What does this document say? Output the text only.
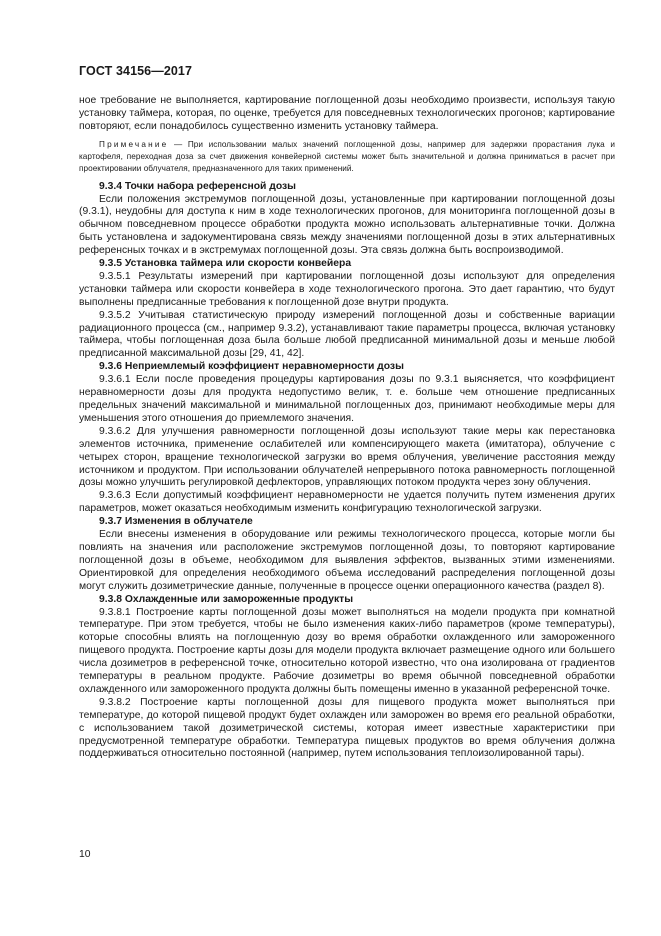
ГОСТ 34156—2017

ное требование не выполняется, картирование поглощенной дозы необходимо произвести, используя такую установку таймера, которая, по оценке, требуется для повседневных технологических прогонов; картирование повторяют, если понадобилось существенно изменить установку таймера.

Примечание — При использовании малых значений поглощенной дозы, например для задержки прорастания лука и картофеля, переходная доза за счет движения конвейерной системы может быть значительной и должна приниматься в расчет при проектировании облучателя, предназначенного для таких применений.

9.3.4 Точки набора референсной дозы

Если положения экстремумов поглощенной дозы, установленные при картировании поглощенной дозы (9.3.1), неудобны для доступа к ним в ходе технологических прогонов, для мониторинга поглощенной дозы в обычном повседневном процессе обработки продукта можно использовать альтернативные точки. Должна быть установлена и задокументирована связь между значениями поглощенной дозы в этих альтернативных референсных точках и в экстремумах поглощенной дозы. Эта связь должна быть воспроизводимой.

9.3.5 Установка таймера или скорости конвейера

9.3.5.1 Результаты измерений при картировании поглощенной дозы используют для определения установки таймера или скорости конвейера в ходе технологического прогона. Это дает гарантию, что будут выполнены предписанные требования к поглощенной дозе внутри продукта.

9.3.5.2 Учитывая статистическую природу измерений поглощенной дозы и собственные вариации радиационного процесса (см., например 9.3.2), устанавливают такие параметры процесса, включая установку таймера, чтобы поглощенная доза была больше любой предписанной минимальной дозы и меньше любой предписанной максимальной дозы [29, 41, 42].

9.3.6 Неприемлемый коэффициент неравномерности дозы

9.3.6.1 Если после проведения процедуры картирования дозы по 9.3.1 выясняется, что коэффициент неравномерности дозы для продукта недопустимо велик, т. е. больше чем отношение предписанных предельных значений максимальной и минимальной поглощенных доз, принимают необходимые меры для уменьшения этого отношения до приемлемого значения.

9.3.6.2 Для улучшения равномерности поглощенной дозы используют такие меры как перестановка элементов источника, применение ослабителей или компенсирующего макета (имитатора), облучение с четырех сторон, вращение технологической загрузки во время облучения, увеличение расстояния между источником и продуктом. При использовании облучателей непрерывного потока равномерность поглощенной дозы можно улучшить регулировкой дефлекторов, управляющих потоком продукта через зону облучения.

9.3.6.3 Если допустимый коэффициент неравномерности не удается получить путем изменения других параметров, может оказаться необходимым изменить конфигурацию технологической загрузки.

9.3.7 Изменения в облучателе

Если внесены изменения в оборудование или режимы технологического процесса, которые могли бы повлиять на значения или расположение экстремумов поглощенной дозы, то повторяют картирование поглощенной дозы в объеме, необходимом для выявления эффектов, вызванных этими изменениями. Ориентировкой для определения необходимого объема исследований распределения поглощенной дозы могут служить дозиметрические данные, полученные в процессе оценки операционного качества (раздел 8).

9.3.8 Охлажденные или замороженные продукты

9.3.8.1 Построение карты поглощенной дозы может выполняться на модели продукта при комнатной температуре. При этом требуется, чтобы не было изменения каких-либо параметров (кроме температуры), которые способны влиять на поглощенную дозу во время обработки охлажденного или замороженного пищевого продукта. Построение карты дозы для модели продукта включает размещение одного или большего числа дозиметров в референсной точке, относительно которой известно, что она изолирована от градиентов температуры в реальном продукте. Рабочие дозиметры во время обычной повседневной обработки охлажденного или замороженного продукта должны быть помещены именно в указанной референсной точке.

9.3.8.2 Построение карты поглощенной дозы для пищевого продукта может выполняться при температуре, до которой пищевой продукт будет охлажден или заморожен во время его реальной обработки, с использованием такой дозиметрической системы, которая имеет известные характеристики при предусмотренной температуре обработки. Температура пищевых продуктов во время облучения должна поддерживаться относительно постоянной (например, путем использования теплоизолированной тары).

10
